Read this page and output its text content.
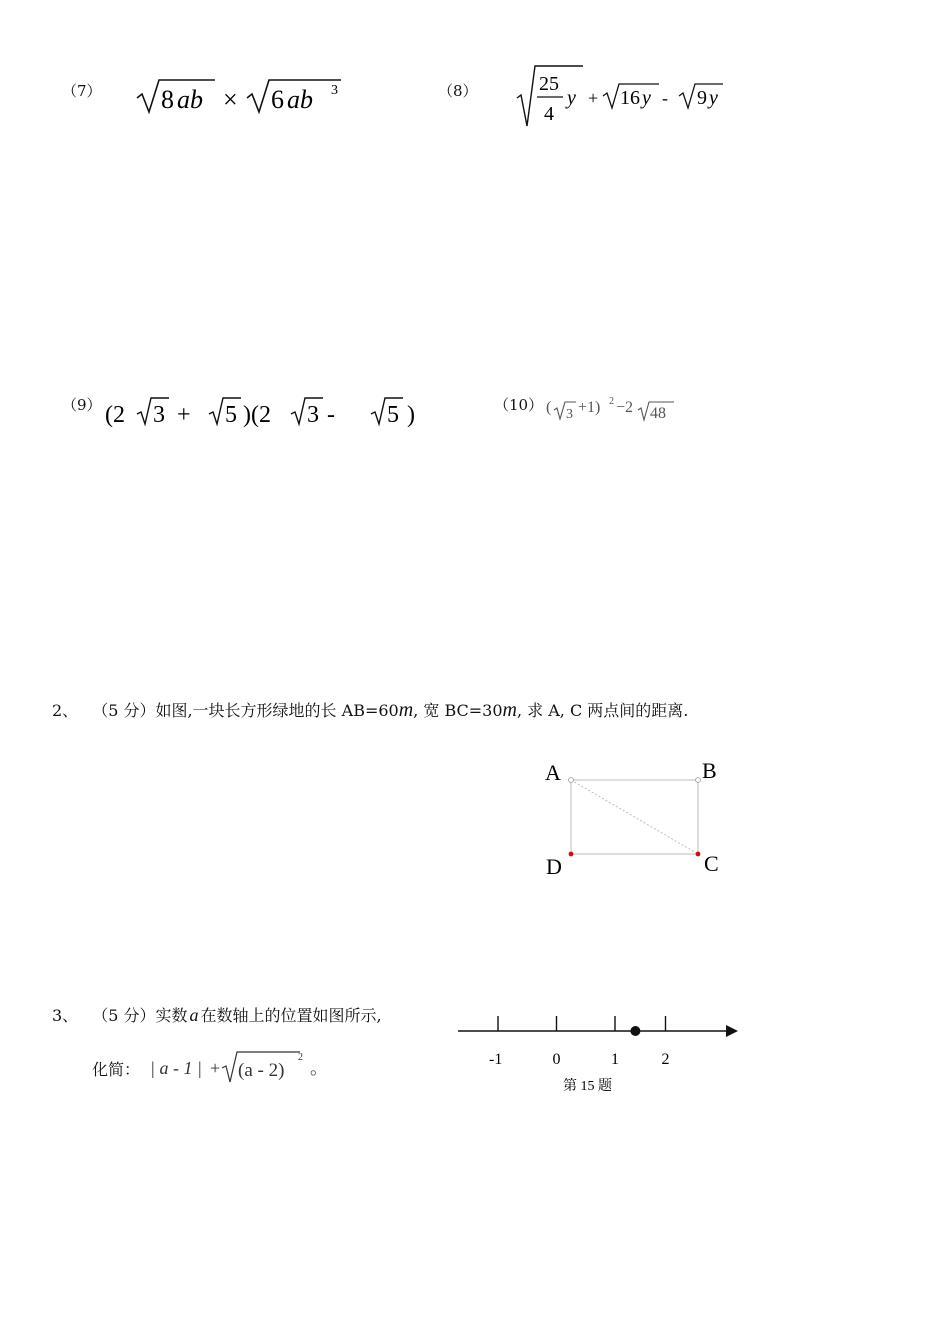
（7） 8 ab × 6 ab 3	（8）	25
4
y + 16 y - 9 y
（9） (2 3 + 5 )(2 3 - 5 )	（10） ( 3 +1) 2 −2 48
2、 （5 分）如图,一块长方形绿地的长 AB=60m, 宽 BC=30m, 求 A, C 两点间的距离.
A	B
C
D
3、 （5 分）实数 a 在数轴上的位置如图所示,
化简： | a - 1 | + (a - 2)
2
。	-1	0	1	2
第 15 题
